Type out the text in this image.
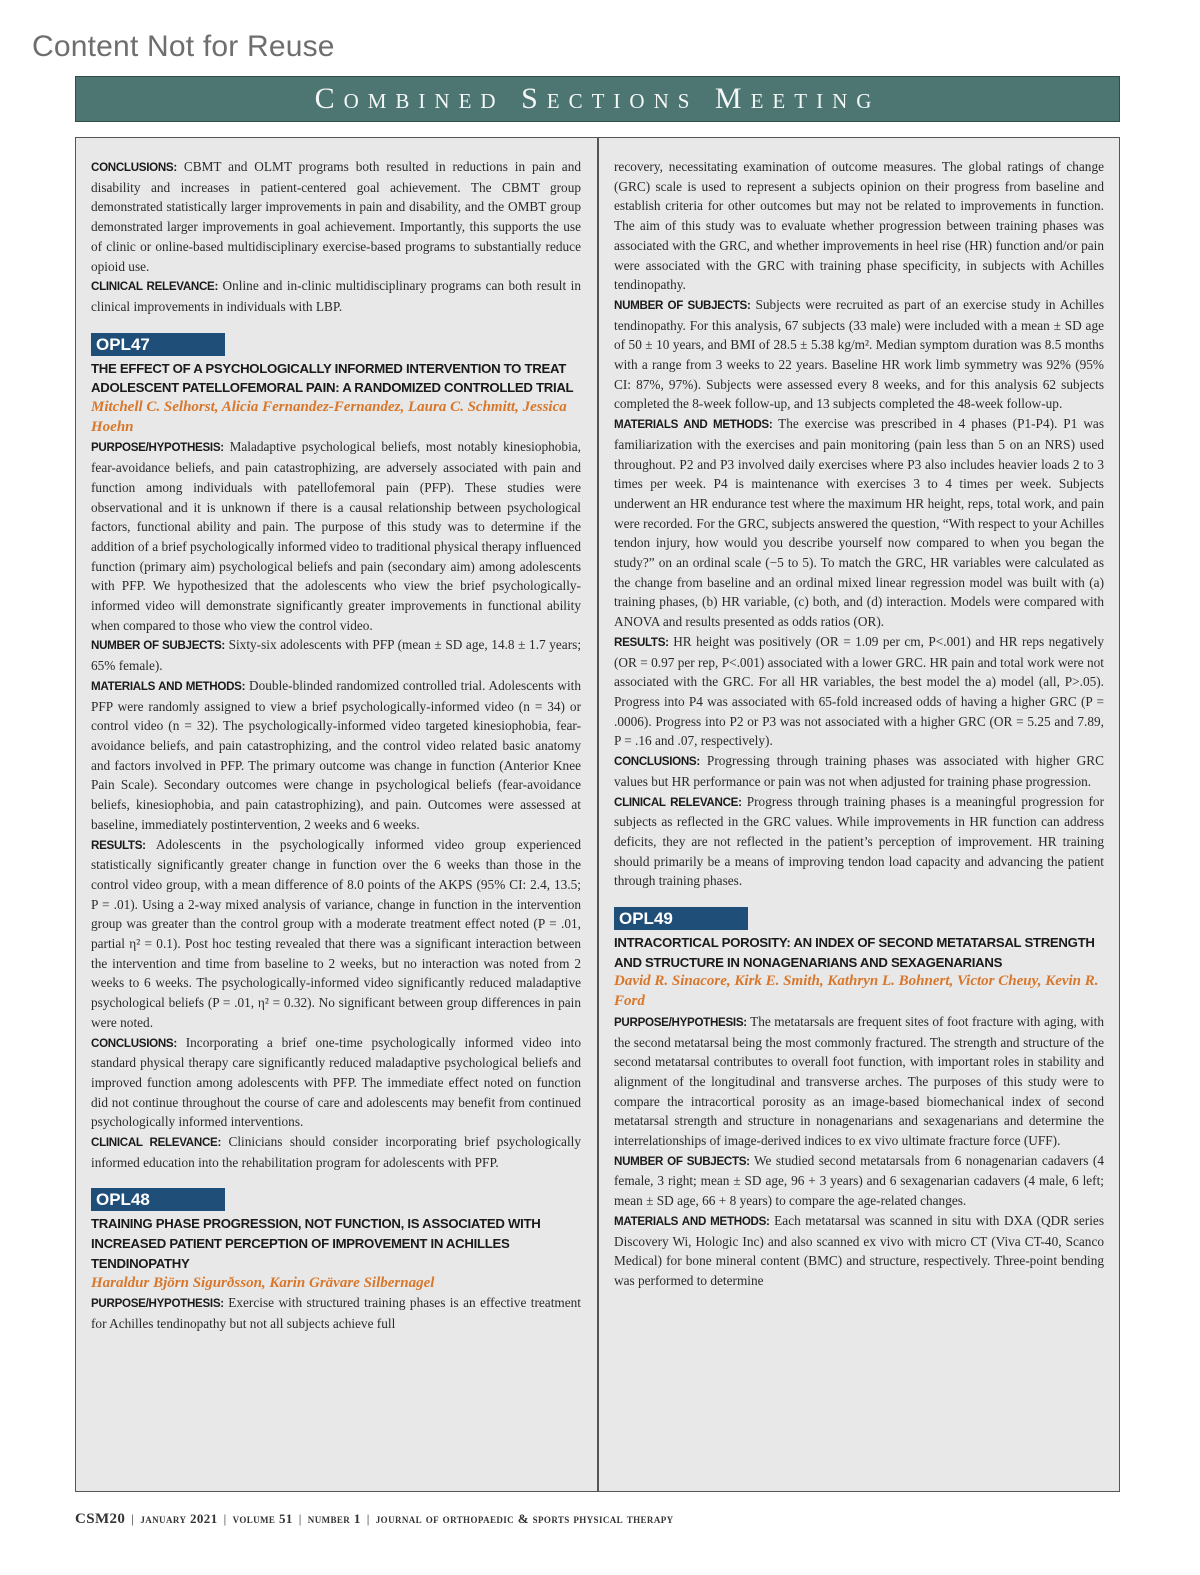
Content Not for Reuse
Combined Sections Meeting

CONCLUSIONS: CBMT and OLMT programs both resulted in reductions in pain and disability and increases in patient-centered goal achievement. The CBMT group demonstrated statistically larger improvements in pain and disability, and the OMBT group demonstrated larger improvements in goal achievement. Importantly, this supports the use of clinic or online-based multidisciplinary exercise-based programs to substantially reduce opioid use.

CLINICAL RELEVANCE: Online and in-clinic multidisciplinary programs can both result in clinical improvements in individuals with LBP.

OPL47
THE EFFECT OF A PSYCHOLOGICALLY INFORMED INTERVENTION TO TREAT ADOLESCENT PATELLOFEMORAL PAIN: A RANDOMIZED CONTROLLED TRIAL
Mitchell C. Selhorst, Alicia Fernandez-Fernandez, Laura C. Schmitt, Jessica Hoehn

PURPOSE/HYPOTHESIS: Maladaptive psychological beliefs, most notably kinesiophobia, fear-avoidance beliefs, and pain catastrophizing, are adversely associated with pain and function among individuals with patellofemoral pain (PFP). These studies were observational and it is unknown if there is a causal relationship between psychological factors, functional ability and pain. The purpose of this study was to determine if the addition of a brief psychologically informed video to traditional physical therapy influenced function (primary aim) psychological beliefs and pain (secondary aim) among adolescents with PFP. We hypothesized that the adolescents who view the brief psychologically-informed video will demonstrate significantly greater improvements in functional ability when compared to those who view the control video.

NUMBER OF SUBJECTS: Sixty-six adolescents with PFP (mean ± SD age, 14.8 ± 1.7 years; 65% female).

MATERIALS AND METHODS: Double-blinded randomized controlled trial. Adolescents with PFP were randomly assigned to view a brief psychologically-informed video (n = 34) or control video (n = 32). The psychologically-informed video targeted kinesiophobia, fear-avoidance beliefs, and pain catastrophizing, and the control video related basic anatomy and factors involved in PFP. The primary outcome was change in function (Anterior Knee Pain Scale). Secondary outcomes were change in psychological beliefs (fear-avoidance beliefs, kinesiophobia, and pain catastrophizing), and pain. Outcomes were assessed at baseline, immediately postintervention, 2 weeks and 6 weeks.

RESULTS: Adolescents in the psychologically informed video group experienced statistically significantly greater change in function over the 6 weeks than those in the control video group, with a mean difference of 8.0 points of the AKPS (95% CI: 2.4, 13.5; P = .01). Using a 2-way mixed analysis of variance, change in function in the intervention group was greater than the control group with a moderate treatment effect noted (P = .01, partial η² = 0.1). Post hoc testing revealed that there was a significant interaction between the intervention and time from baseline to 2 weeks, but no interaction was noted from 2 weeks to 6 weeks. The psychologically-informed video significantly reduced maladaptive psychological beliefs (P = .01, η² = 0.32). No significant between group differences in pain were noted.

CONCLUSIONS: Incorporating a brief one-time psychologically informed video into standard physical therapy care significantly reduced maladaptive psychological beliefs and improved function among adolescents with PFP. The immediate effect noted on function did not continue throughout the course of care and adolescents may benefit from continued psychologically informed interventions.

CLINICAL RELEVANCE: Clinicians should consider incorporating brief psychologically informed education into the rehabilitation program for adolescents with PFP.

OPL48
TRAINING PHASE PROGRESSION, NOT FUNCTION, IS ASSOCIATED WITH INCREASED PATIENT PERCEPTION OF IMPROVEMENT IN ACHILLES TENDINOPATHY
Haraldur Björn Sigurðsson, Karin Grävare Silbernagel

PURPOSE/HYPOTHESIS: Exercise with structured training phases is an effective treatment for Achilles tendinopathy but not all subjects achieve full

recovery, necessitating examination of outcome measures. The global ratings of change (GRC) scale is used to represent a subjects opinion on their progress from baseline and establish criteria for other outcomes but may not be related to improvements in function. The aim of this study was to evaluate whether progression between training phases was associated with the GRC, and whether improvements in heel rise (HR) function and/or pain were associated with the GRC with training phase specificity, in subjects with Achilles tendinopathy.

NUMBER OF SUBJECTS: Subjects were recruited as part of an exercise study in Achilles tendinopathy. For this analysis, 67 subjects (33 male) were included with a mean ± SD age of 50 ± 10 years, and BMI of 28.5 ± 5.38 kg/m². Median symptom duration was 8.5 months with a range from 3 weeks to 22 years. Baseline HR work limb symmetry was 92% (95% CI: 87%, 97%). Subjects were assessed every 8 weeks, and for this analysis 62 subjects completed the 8-week follow-up, and 13 subjects completed the 48-week follow-up.

MATERIALS AND METHODS: The exercise was prescribed in 4 phases (P1-P4). P1 was familiarization with the exercises and pain monitoring (pain less than 5 on an NRS) used throughout. P2 and P3 involved daily exercises where P3 also includes heavier loads 2 to 3 times per week. P4 is maintenance with exercises 3 to 4 times per week. Subjects underwent an HR endurance test where the maximum HR height, reps, total work, and pain were recorded. For the GRC, subjects answered the question, “With respect to your Achilles tendon injury, how would you describe yourself now compared to when you began the study?” on an ordinal scale (−5 to 5). To match the GRC, HR variables were calculated as the change from baseline and an ordinal mixed linear regression model was built with (a) training phases, (b) HR variable, (c) both, and (d) interaction. Models were compared with ANOVA and results presented as odds ratios (OR).

RESULTS: HR height was positively (OR = 1.09 per cm, P<.001) and HR reps negatively (OR = 0.97 per rep, P<.001) associated with a lower GRC. HR pain and total work were not associated with the GRC. For all HR variables, the best model the a) model (all, P>.05). Progress into P4 was associated with 65-fold increased odds of having a higher GRC (P = .0006). Progress into P2 or P3 was not associated with a higher GRC (OR = 5.25 and 7.89, P = .16 and .07, respectively).

CONCLUSIONS: Progressing through training phases was associated with higher GRC values but HR performance or pain was not when adjusted for training phase progression.

CLINICAL RELEVANCE: Progress through training phases is a meaningful progression for subjects as reflected in the GRC values. While improvements in HR function can address deficits, they are not reflected in the patient’s perception of improvement. HR training should primarily be a means of improving tendon load capacity and advancing the patient through training phases.

OPL49
INTRACORTICAL POROSITY: AN INDEX OF SECOND METATARSAL STRENGTH AND STRUCTURE IN NONAGENARIANS AND SEXAGENARIANS
David R. Sinacore, Kirk E. Smith, Kathryn L. Bohnert, Victor Cheuy, Kevin R. Ford

PURPOSE/HYPOTHESIS: The metatarsals are frequent sites of foot fracture with aging, with the second metatarsal being the most commonly fractured. The strength and structure of the second metatarsal contributes to overall foot function, with important roles in stability and alignment of the longitudinal and transverse arches. The purposes of this study were to compare the intracortical porosity as an image-based biomechanical index of second metatarsal strength and structure in nonagenarians and sexagenarians and determine the interrelationships of image-derived indices to ex vivo ultimate fracture force (UFF).

NUMBER OF SUBJECTS: We studied second metatarsals from 6 nonagenarian cadavers (4 female, 3 right; mean ± SD age, 96 + 3 years) and 6 sexagenarian cadavers (4 male, 6 left; mean ± SD age, 66 + 8 years) to compare the age-related changes.

MATERIALS AND METHODS: Each metatarsal was scanned in situ with DXA (QDR series Discovery Wi, Hologic Inc) and also scanned ex vivo with micro CT (Viva CT-40, Scanco Medical) for bone mineral content (BMC) and structure, respectively. Three-point bending was performed to determine

CSM20 | january 2021 | volume 51 | number 1 | journal of orthopaedic & sports physical therapy
